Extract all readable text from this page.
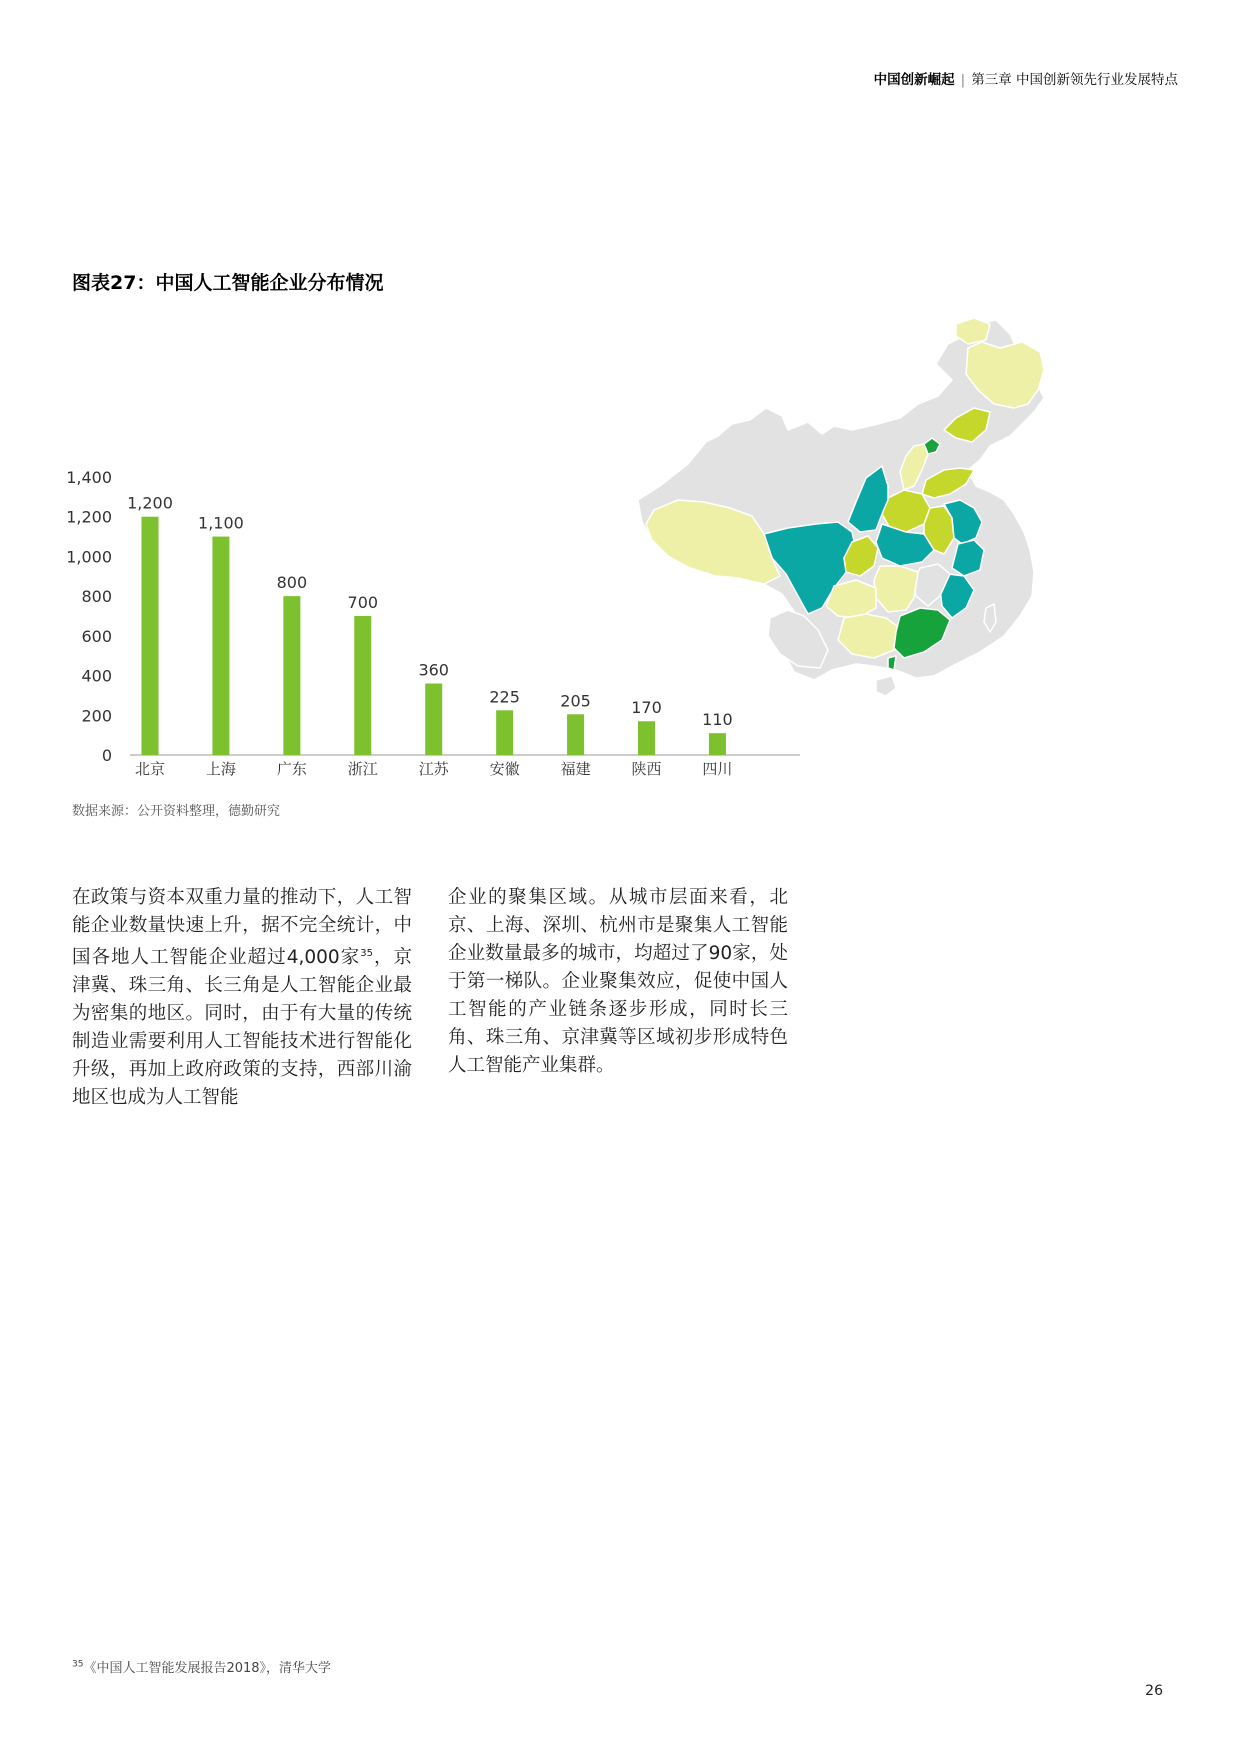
中国创新崛起 | 第三章 中国创新领先行业发展特点
图表27：中国人工智能企业分布情况
0
200
400
600
800
1,000
1,200
1,400
1,200
北京
1,100
上海
800
广东
700
浙江
360
江苏
225
安徽
205
福建
170
陕西
110
四川
数据来源：公开资料整理，德勤研究
在政策与资本双重力量的推动下，人工智能企业数量快速上升，据不完全统计，中国各地人工智能企业超过4,000家$^{35}$，京津冀、珠三角、长三角是人工智能企业最为密集的地区。同时，由于有大量的传统制造业需要利用人工智能技术进行智能化升级，再加上政府政策的支持，西部川渝地区也成为人工智能
企业的聚集区域。从城市层面来看，北京、上海、深圳、杭州市是聚集人工智能企业数量最多的城市，均超过了90家，处于第一梯队。企业聚集效应，促使中国人工智能的产业链条逐步形成，同时长三角、珠三角、京津冀等区域初步形成特色人工智能产业集群。
$^{35}$《中国人工智能发展报告2018》，清华大学
26
